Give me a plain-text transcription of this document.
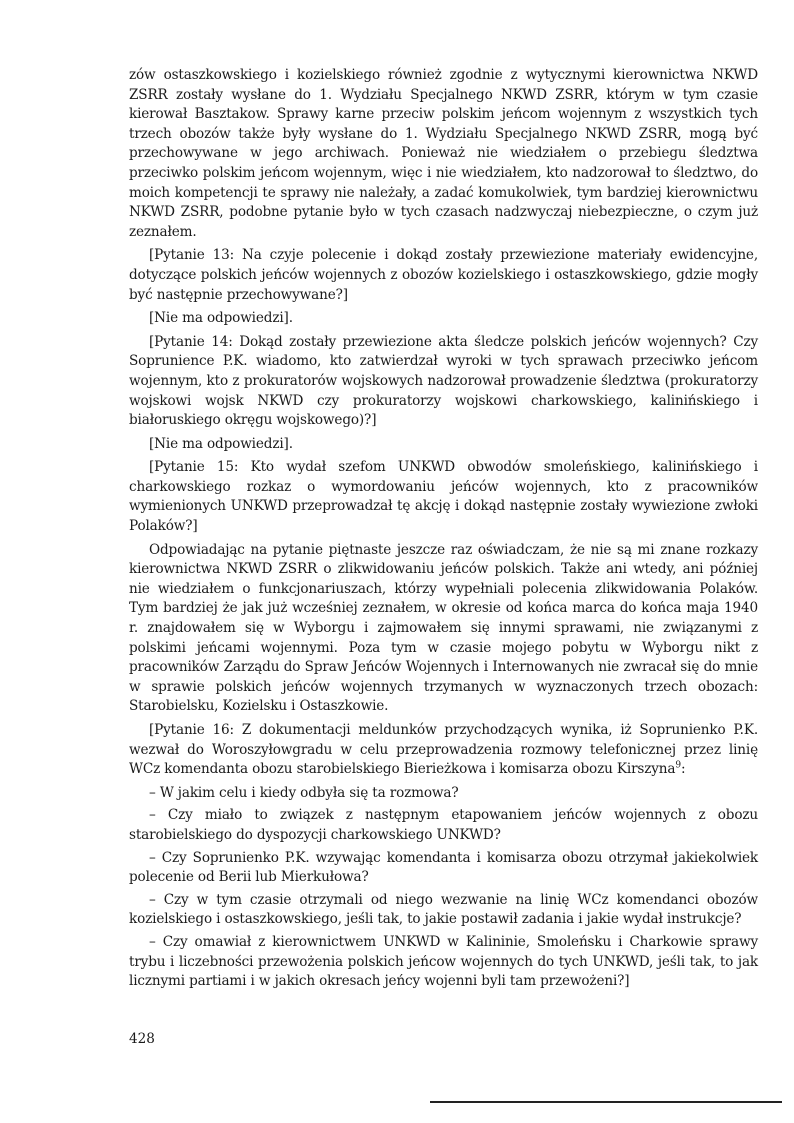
zów ostaszkowskiego i kozielskiego również zgodnie z wytycznymi kierownictwa NKWD ZSRR zostały wysłane do 1. Wydziału Specjalnego NKWD ZSRR, którym w tym czasie kierował Basztakow. Sprawy karne przeciw polskim jeńcom wojennym z wszystkich tych trzech obozów także były wysłane do 1. Wydziału Specjalnego NKWD ZSRR, mogą być przechowywane w jego archiwach. Ponieważ nie wiedziałem o przebiegu śledztwa przeciwko polskim jeńcom wojennym, więc i nie wiedziałem, kto nadzorował to śledztwo, do moich kompetencji te sprawy nie należały, a zadać komukolwiek, tym bardziej kierownictwu NKWD ZSRR, podobne pytanie było w tych czasach nadzwyczaj niebezpieczne, o czym już zeznałem.

[Pytanie 13: Na czyje polecenie i dokąd zostały przewiezione materiały ewidencyjne, dotyczące polskich jeńców wojennych z obozów kozielskiego i ostaszkowskiego, gdzie mogły być następnie przechowywane?]

[Nie ma odpowiedzi].

[Pytanie 14: Dokąd zostały przewiezione akta śledcze polskich jeńców wojennych? Czy Soprunience P.K. wiadomo, kto zatwierdzał wyroki w tych sprawach przeciwko jeńcom wojennym, kto z prokuratorów wojskowych nadzorował prowadzenie śledztwa (prokuratorzy wojskowi wojsk NKWD czy prokuratorzy wojskowi charkowskiego, kalinińskiego i białoruskiego okręgu wojskowego)?]

[Nie ma odpowiedzi].

[Pytanie 15: Kto wydał szefom UNKWD obwodów smoleńskiego, kalinińskiego i charkowskiego rozkaz o wymordowaniu jeńców wojennych, kto z pracowników wymienionych UNKWD przeprowadzał tę akcję i dokąd następnie zostały wywiezione zwłoki Polaków?]

Odpowiadając na pytanie piętnaste jeszcze raz oświadczam, że nie są mi znane rozkazy kierownictwa NKWD ZSRR o zlikwidowaniu jeńców polskich. Także ani wtedy, ani później nie wiedziałem o funkcjonariuszach, którzy wypełniali polecenia zlikwidowania Polaków. Tym bardziej że jak już wcześniej zeznałem, w okresie od końca marca do końca maja 1940 r. znajdowałem się w Wyborgu i zajmowałem się innymi sprawami, nie związanymi z polskimi jeńcami wojennymi. Poza tym w czasie mojego pobytu w Wyborgu nikt z pracowników Zarządu do Spraw Jeńców Wojennych i Internowanych nie zwracał się do mnie w sprawie polskich jeńców wojennych trzymanych w wyznaczonych trzech obozach: Starobielsku, Kozielsku i Ostaszkowie.

[Pytanie 16: Z dokumentacji meldunków przychodzących wynika, iż Soprunienko P.K. wezwał do Woroszyłowgradu w celu przeprowadzenia rozmowy telefonicznej przez linię WCz komendanta obozu starobielskiego Bierieżkowa i komisarza obozu Kirszyna$^9$:

– W jakim celu i kiedy odbyła się ta rozmowa?

– Czy miało to związek z następnym etapowaniem jeńców wojennych z obozu starobielskiego do dyspozycji charkowskiego UNKWD?

– Czy Soprunienko P.K. wzywając komendanta i komisarza obozu otrzymał jakiekolwiek polecenie od Berii lub Mierkułowa?

– Czy w tym czasie otrzymali od niego wezwanie na linię WCz komendanci obozów kozielskiego i ostaszkowskiego, jeśli tak, to jakie postawił zadania i jakie wydał instrukcje?

– Czy omawiał z kierownictwem UNKWD w Kalininie, Smoleńsku i Charkowie sprawy trybu i liczebności przewożenia polskich jeńcow wojennych do tych UNKWD, jeśli tak, to jak licznymi partiami i w jakich okresach jeńcy wojenni byli tam przewożeni?]

428
